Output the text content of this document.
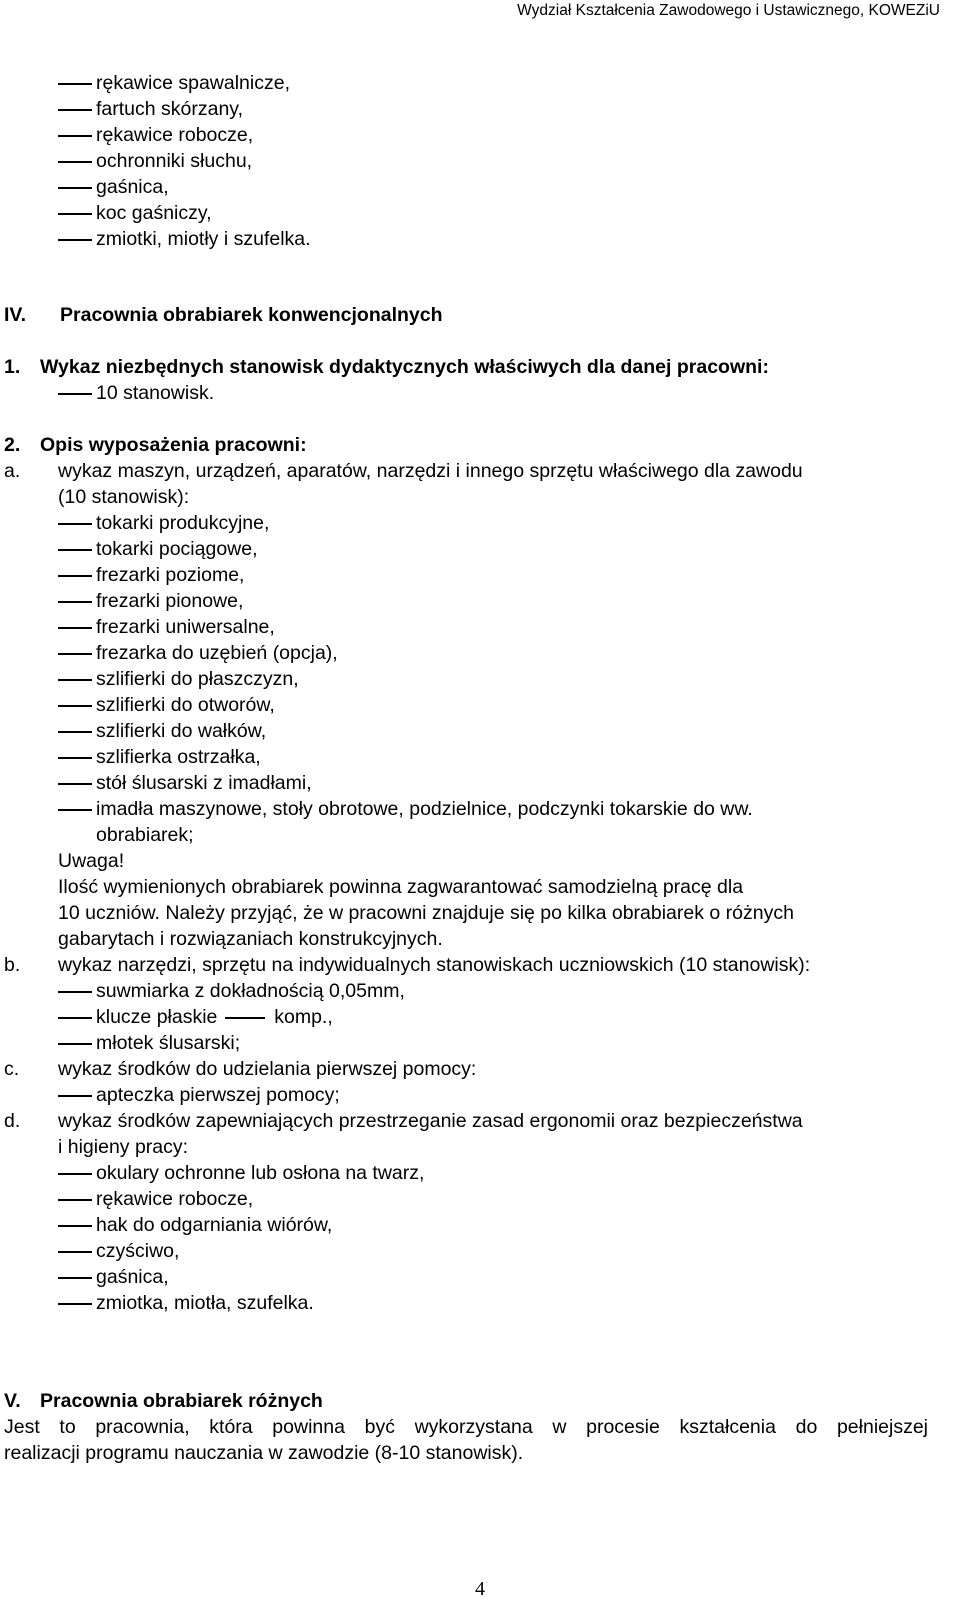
Wydział Kształcenia Zawodowego i Ustawicznego, KOWEZiU
rękawice spawalnicze,
fartuch skórzany,
rękawice robocze,
ochronniki słuchu,
gaśnica,
koc gaśniczy,
zmiotki, miotły i szufelka.
IV. Pracownia obrabiarek konwencjonalnych
1. Wykaz niezbędnych stanowisk dydaktycznych właściwych dla danej pracowni:
10 stanowisk.
2. Opis wyposażenia pracowni:
a. wykaz maszyn, urządzeń, aparatów, narzędzi i innego sprzętu właściwego dla zawodu
(10 stanowisk):
tokarki produkcyjne,
tokarki pociągowe,
frezarki poziome,
frezarki pionowe,
frezarki uniwersalne,
frezarka do uzębień (opcja),
szlifierki do płaszczyzn,
szlifierki do otworów,
szlifierki do wałków,
szlifierka ostrzałka,
stół ślusarski z imadłami,
imadła maszynowe, stoły obrotowe, podzielnice, podczynki tokarskie do ww.
obrabiarek;
Uwaga!
Ilość wymienionych obrabiarek powinna zagwarantować samodzielną pracę dla
10 uczniów. Należy przyjąć, że w pracowni znajduje się po kilka obrabiarek o różnych
gabarytach i rozwiązaniach konstrukcyjnych.
b. wykaz narzędzi, sprzętu na indywidualnych stanowiskach uczniowskich (10 stanowisk):
suwmiarka z dokładnością 0,05mm,
klucze płaskie	komp.,
młotek ślusarski;
c. wykaz środków do udzielania pierwszej pomocy:
apteczka pierwszej pomocy;
d. wykaz środków zapewniających przestrzeganie zasad ergonomii oraz bezpieczeństwa
i higieny pracy:
okulary ochronne lub osłona na twarz,
rękawice robocze,
hak do odgarniania wiórów,
czyściwo,
gaśnica,
zmiotka, miotła, szufelka.
V. Pracownia obrabiarek różnych
Jest to pracownia, która powinna być wykorzystana w procesie kształcenia do pełniejszej
realizacji programu nauczania w zawodzie (8-10 stanowisk).
4
